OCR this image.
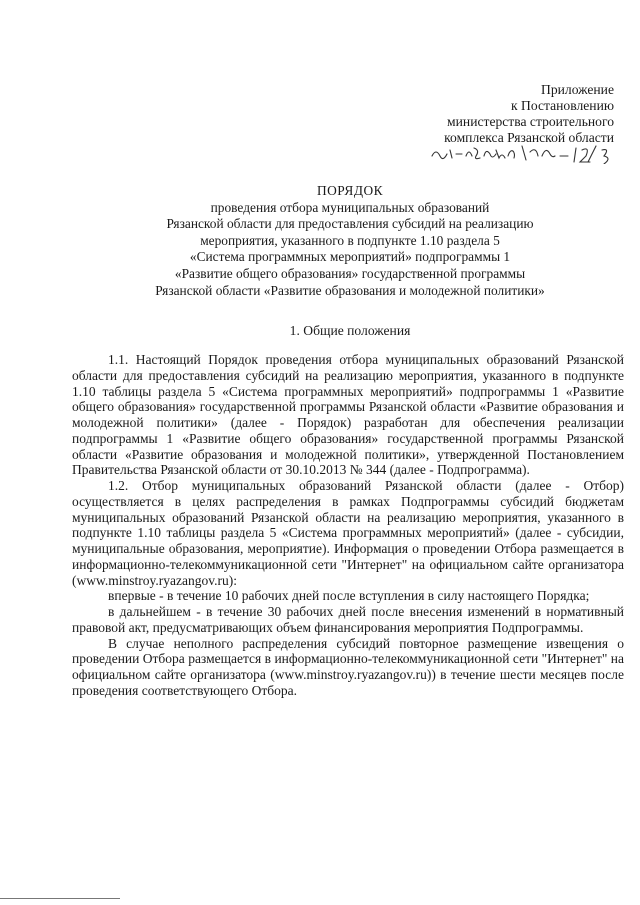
Приложение
к Постановлению
министерства строительного
комплекса Рязанской области
ПОРЯДОК
проведения отбора муниципальных образований
Рязанской области для предоставления субсидий на реализацию
мероприятия, указанного в подпункте 1.10 раздела 5
«Система программных мероприятий» подпрограммы 1
«Развитие общего образования» государственной программы
Рязанской области «Развитие образования и молодежной политики»
1. Общие положения

1.1. Настоящий Порядок проведения отбора муниципальных образований Рязанской области для предоставления субсидий на реализацию мероприятия, указанного в подпункте 1.10 таблицы раздела 5 «Система программных мероприятий» подпрограммы 1 «Развитие общего образования» государственной программы Рязанской области «Развитие образования и молодежной политики» (далее - Порядок) разработан для обеспечения реализации подпрограммы 1 «Развитие общего образования» государственной программы Рязанской области «Развитие образования и молодежной политики», утвержденной Постановлением Правительства Рязанской области от 30.10.2013 № 344 (далее - Подпрограмма).

1.2. Отбор муниципальных образований Рязанской области (далее - Отбор) осуществляется в целях распределения в рамках Подпрограммы субсидий бюджетам муниципальных образований Рязанской области на реализацию мероприятия, указанного в подпункте 1.10 таблицы раздела 5 «Система программных мероприятий» (далее - субсидии, муниципальные образования, мероприятие). Информация о проведении Отбора размещается в информационно-телекоммуникационной сети "Интернет" на официальном сайте организатора (www.minstroy.ryazangov.ru):

впервые - в течение 10 рабочих дней после вступления в силу настоящего Порядка;

в дальнейшем - в течение 30 рабочих дней после внесения изменений в нормативный правовой акт, предусматривающих объем финансирования мероприятия Подпрограммы.

В случае неполного распределения субсидий повторное размещение извещения о проведении Отбора размещается в информационно-телекоммуникационной сети "Интернет" на официальном сайте организатора (www.minstroy.ryazangov.ru)) в течение шести месяцев после проведения соответствующего Отбора.
